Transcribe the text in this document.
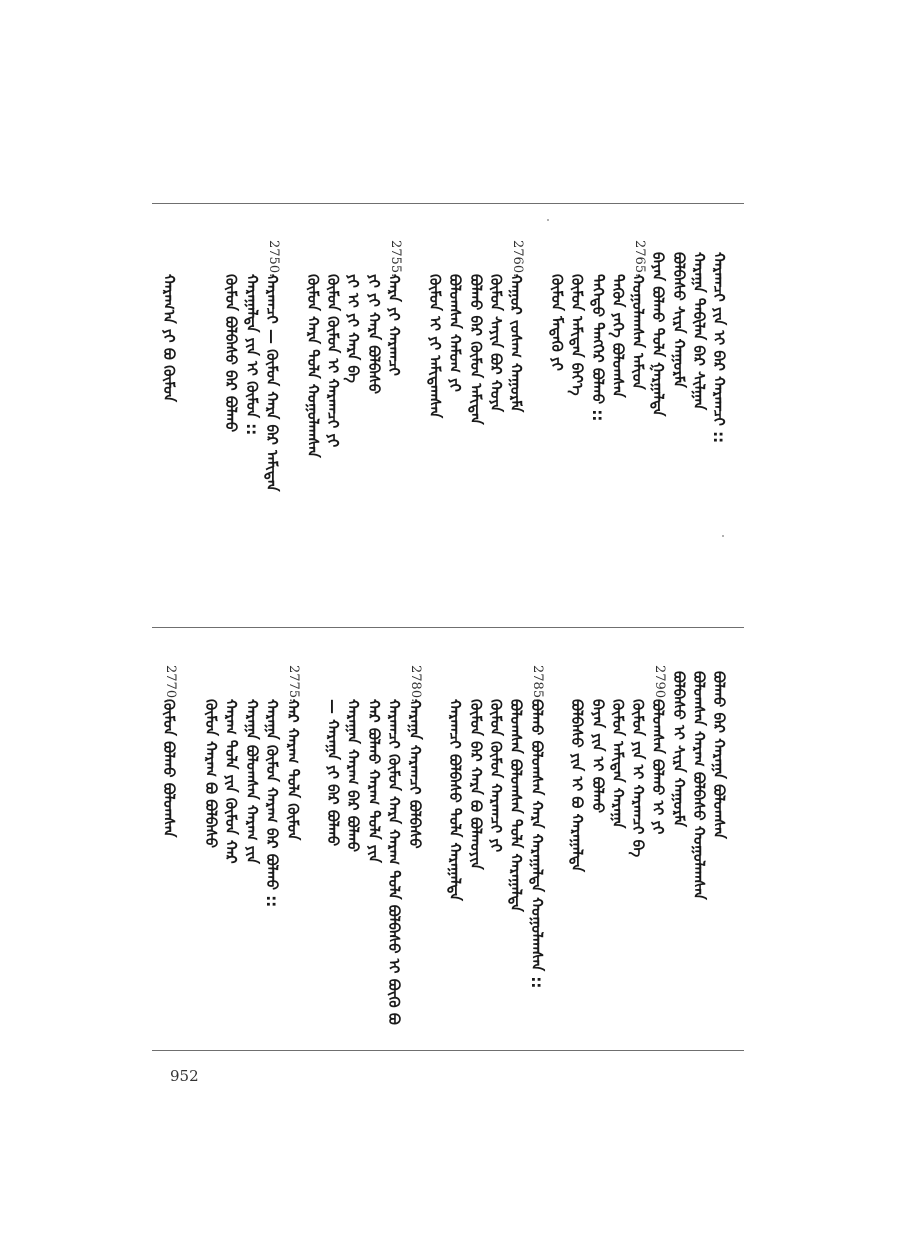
ᠬᠠᠷᠠᠭᠴᠢ ᠶᠢᠨ ᠢ ᠪᠡᠷ ᠬᠠᠷᠠᠭᠴᠢ ::
ᠬᠠᠷᠠᠭᠠ ᠲᠠᠪᠢᠯᠠᠨ ᠪᠡᠷ ᠰᠢᠯᠭᠠᠨ
ᠪᠣᠯᠪᠠᠰᠤ ᠰᠢᠷᠡ ᠬᠠᠭᠤᠷᠮᠠ
ᠪᠠᠶᠠᠨ ᠪᠣᠯᠬᠤ ᠲᠤᠯᠠ ᠭᠠᠷᠭᠠᠯᠲᠠ
ᠬᠤᠭᠤᠯᠠᠭᠰᠠᠨ ᠠᠮᠢᠳ
ᠲᠡᠭᠦᠨ ᠶᠡᠭᠡ ᠪᠣᠯᠤᠭᠰᠠᠨ
ᠲᠡᠭᠡᠳᠦ ᠲᠡᠩᠭᠡᠷ ᠪᠣᠯᠬᠤ ::
ᠬᠦᠮᠦᠨ ᠠᠮᠢᠲᠠᠨ ᠪᠡᠶ᠎ᠡ
ᠬᠦᠮᠦᠨ ᠮᠡᠳᠡᠬᠦ ᠶᠢ
ᠬᠠᠭᠤᠷ ᠵᠤᠰᠠᠭ ᠬᠠᠭᠤᠷᠮᠠ
ᠬᠦᠮᠦᠨ ᠰᠠᠶᠢᠨ ᠪᠣᠷ ᠬᠣᠶᠠ
ᠪᠣᠯᠬᠤ ᠪᠡᠷ ᠬᠦᠮᠦᠨ ᠠᠮᠢᠲᠠᠨ
ᠪᠣᠯᠤᠭᠰᠠᠨ ᠬᠠᠮᠤᠭ ᠶᠢ
ᠬᠦᠮᠦᠨ ᠢ ᠶᠢ ᠠᠮᠢᠲᠠᠭᠰᠠᠨ
ᠬᠠᠷᠠ ᠶᠢ ᠬᠠᠷᠠᠭᠴᠢ
ᠶᠢ ᠶᠢ ᠬᠠᠷᠠ ᠪᠣᠯᠪᠠᠰᠤ
ᠶᠢ ᠢ ᠶᠢ ᠬᠠᠷᠠ ᠪᠡ
ᠬᠦᠮᠦᠨ ᠬᠦᠮᠦᠨ ᠢ ᠬᠠᠷᠠᠭᠴᠢ ᠶᠢ
ᠬᠦᠮᠦᠨ ᠬᠠᠷᠠ ᠲᠤᠯᠠ ᠬᠤᠭᠤᠯᠠᠭᠰᠠᠨ
ᠬᠠᠷᠠᠭᠴᠢ — ᠬᠦᠮᠦᠨ ᠬᠠᠷᠠ ᠪᠡᠷ ᠠᠮᠢᠲᠠᠨ
ᠬᠠᠷᠠᠭᠠᠯᠲᠠ ᠶᠢᠨ ᠢ ᠬᠦᠮᠦᠨ ::
ᠬᠦᠮᠦᠨ ᠪᠣᠯᠪᠠᠰᠤ ᠪᠡᠷ ᠪᠣᠯᠬᠤ
ᠬᠠᠷᠠᠭ᠎ᠠ ᠶᠢ ᠪᠣ ᠬᠦᠮᠦᠨ
2765.
2760.
2755.
2750.
ᠪᠣᠯᠬᠤ ᠪᠡᠷ ᠬᠠᠷᠠᠭᠠ ᠪᠣᠯᠤᠭᠰᠠᠨ
ᠪᠣᠯᠤᠭᠰᠠᠨ ᠬᠠᠷᠠᠭ ᠪᠣᠯᠪᠠᠰᠤ ᠬᠤᠭᠤᠯᠠᠭᠰᠠᠨ
ᠪᠣᠯᠪᠠᠰᠤ ᠢ ᠰᠢᠷᠡ ᠬᠠᠭᠤᠷᠮᠠ
ᠪᠣᠯᠤᠭᠰᠠᠨ ᠪᠣᠯᠬᠤ ᠢ ᠶᠢ
ᠬᠦᠮᠦᠨ ᠶᠢᠨ ᠢ ᠬᠠᠷᠠᠭᠴᠢ ᠪᠡ
ᠬᠦᠮᠦᠨ ᠠᠮᠢᠲᠠᠨ ᠬᠠᠷᠠᠭᠠ
ᠪᠠᠶᠠᠨ ᠶᠢᠨ ᠢ ᠪᠣᠯᠬᠤ
ᠪᠣᠯᠪᠠᠰᠤ ᠶᠢᠨ ᠢ ᠪᠣ ᠬᠠᠷᠠᠭᠠᠯᠲᠠ
ᠪᠣᠯᠬᠤ ᠪᠣᠯᠤᠭᠰᠠᠨ ᠬᠠᠷᠠ ᠬᠠᠷᠠᠭᠠᠯᠲᠠ ᠬᠤᠭᠤᠯᠠᠭᠰᠠᠨ ::
ᠪᠣᠯᠤᠭᠰᠠᠨ ᠪᠣᠯᠤᠭᠰᠠᠨ ᠲᠤᠯᠠ ᠬᠠᠷᠠᠭᠠᠯᠲᠠ
ᠬᠦᠮᠦᠨ ᠬᠦᠮᠦᠨ ᠬᠠᠷᠠᠭᠴᠢ ᠶᠢ
ᠬᠦᠮᠦᠨ ᠪᠡᠷ ᠬᠠᠷᠠ ᠪᠣ ᠪᠣᠯᠬᠤᠶᠢᠨ
ᠬᠠᠷᠠᠭᠴᠢ ᠪᠣᠯᠪᠠᠰᠤ ᠲᠤᠯᠠ ᠬᠠᠷᠠᠭᠠᠯᠲᠠ
ᠬᠠᠷᠠᠭᠠ ᠬᠠᠷᠠᠭᠴᠢ ᠪᠣᠯᠪᠠᠰᠤ
ᠬᠠᠷᠠᠭᠴᠢ ᠬᠦᠮᠦᠨ ᠬᠠᠷᠠ ᠬᠠᠷᠠᠭ ᠲᠤᠯᠠ ᠪᠣᠯᠪᠠᠰᠤ ᠢ ᠪᠦᠬᠦ ᠪᠣ
ᠬᠠᠷ ᠪᠣᠯᠬᠤ ᠬᠠᠷᠠᠭ ᠲᠤᠯᠠ ᠶᠢᠨ
ᠬᠠᠷᠠᠭᠠᠨ ᠬᠠᠷᠠᠭ ᠪᠡᠷ ᠪᠣᠯᠬᠤ
— ᠬᠠᠷᠠᠭᠠ ᠶᠢ ᠪᠡᠷ ᠪᠣᠯᠬᠤ
ᠬᠠᠷ ᠬᠠᠷᠠᠭ ᠲᠤᠯᠠ ᠬᠦᠮᠦᠨ
ᠬᠠᠷᠠᠭᠠ ᠬᠦᠮᠦᠨ ᠬᠠᠷᠠᠭ ᠪᠡᠷ ᠪᠣᠯᠬᠤ ::
ᠬᠠᠷᠠᠭᠠ ᠪᠣᠯᠤᠭᠰᠠᠨ ᠬᠠᠷᠠᠭ ᠶᠢᠨ
ᠬᠠᠷᠠᠭ ᠲᠤᠯᠠ ᠶᠢᠨ ᠬᠦᠮᠦᠨ ᠬᠠᠷ
ᠬᠦᠮᠦᠨ ᠬᠠᠷᠠᠭ ᠪᠣ ᠪᠣᠯᠪᠠᠰᠤ
ᠬᠦᠮᠦᠨ ᠪᠣᠯᠬᠤ ᠪᠣᠯᠤᠭᠰᠠᠨ
2790.
2785.
2780.
2775.
2770.
952
